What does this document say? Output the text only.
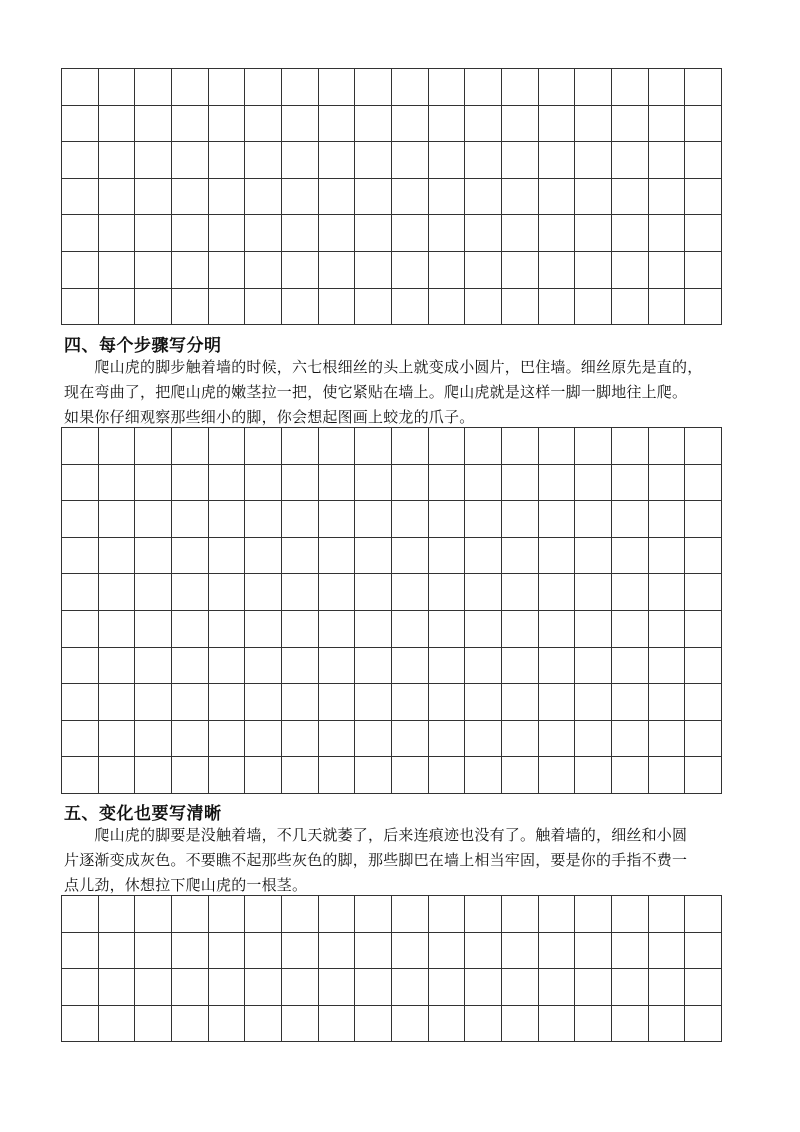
四、每个步骤写分明
　　爬山虎的脚步触着墙的时候，六七根细丝的头上就变成小圆片，巴住墙。细丝原先是直的，
现在弯曲了，把爬山虎的嫩茎拉一把，使它紧贴在墙上。爬山虎就是这样一脚一脚地往上爬。
如果你仔细观察那些细小的脚，你会想起图画上蛟龙的爪子。
五、变化也要写清晰
　　爬山虎的脚要是没触着墙，不几天就萎了，后来连痕迹也没有了。触着墙的，细丝和小圆
片逐渐变成灰色。不要瞧不起那些灰色的脚，那些脚巴在墙上相当牢固，要是你的手指不费一
点儿劲，休想拉下爬山虎的一根茎。
